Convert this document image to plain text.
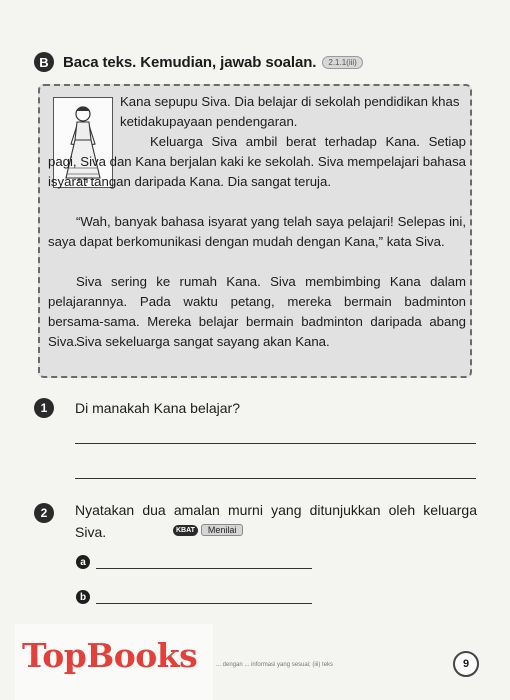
B Baca teks. Kemudian, jawab soalan.	2.1.1(iii)

Kana sepupu Siva. Dia belajar di sekolah pendidikan khas ketidakupayaan pendengaran.

Keluarga Siva ambil berat terhadap Kana. Setiap pagi, Siva dan Kana berjalan kaki ke sekolah. Siva mempelajari bahasa isyarat tangan daripada Kana. Dia sangat teruja.

“Wah, banyak bahasa isyarat yang telah saya pelajari! Selepas ini, saya dapat berkomunikasi dengan mudah dengan Kana,” kata Siva.

Siva sering ke rumah Kana. Siva membimbing Kana dalam pelajarannya. Pada waktu petang, mereka bermain badminton bersama-sama. Mereka belajar bermain badminton daripada abang Siva.

Siva sekeluarga sangat sayang akan Kana.

1	Di manakah Kana belajar?

2	Nyatakan dua amalan murni yang ditunjukkan oleh keluarga Siva.	KBAT	Menilai
a
b
TopBooks	... dengan ... informasi yang sesuai; (iii) teks	9
